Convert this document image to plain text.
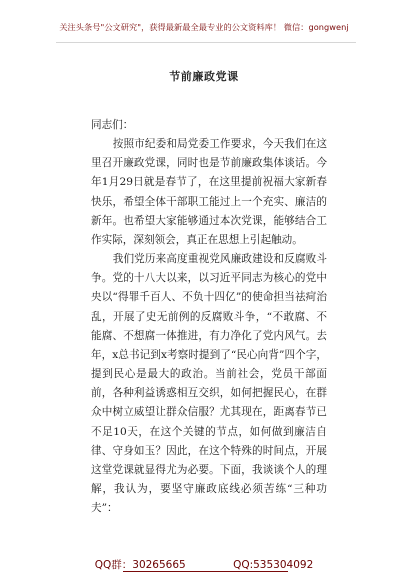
关注头条号"公文研究"，获得最新最全最专业的公文资料库！ 微信：gongwenj
节前廉政党课

同志们：

按照市纪委和局党委工作要求，今天我们在这里召开廉政党课，同时也是节前廉政集体谈话。今年1月29日就是春节了，在这里提前祝福大家新春快乐，希望全体干部职工能过上一个充实、廉洁的新年。也希望大家能够通过本次党课，能够结合工作实际，深刻领会，真正在思想上引起触动。

我们党历来高度重视党风廉政建设和反腐败斗争。党的十八大以来，以习近平同志为核心的党中央以“得罪千百人、不负十四亿”的使命担当祛疴治乱，开展了史无前例的反腐败斗争，“不敢腐、不能腐、不想腐一体推进，有力净化了党内风气。去年，x总书记到x考察时提到了“民心向背”四个字，提到民心是最大的政治。当前社会，党员干部面前，各种利益诱惑相互交织，如何把握民心，在群众中树立威望让群众信服？尤其现在，距离春节已不足10天，在这个关键的节点，如何做到廉洁自律、守身如玉？因此，在这个特殊的时间点，开展这堂党课就显得尤为必要。下面，我谈谈个人的理解，我认为，要坚守廉政底线必须苦练“三种功夫”：

QQ群：30265665	QQ:535304092
